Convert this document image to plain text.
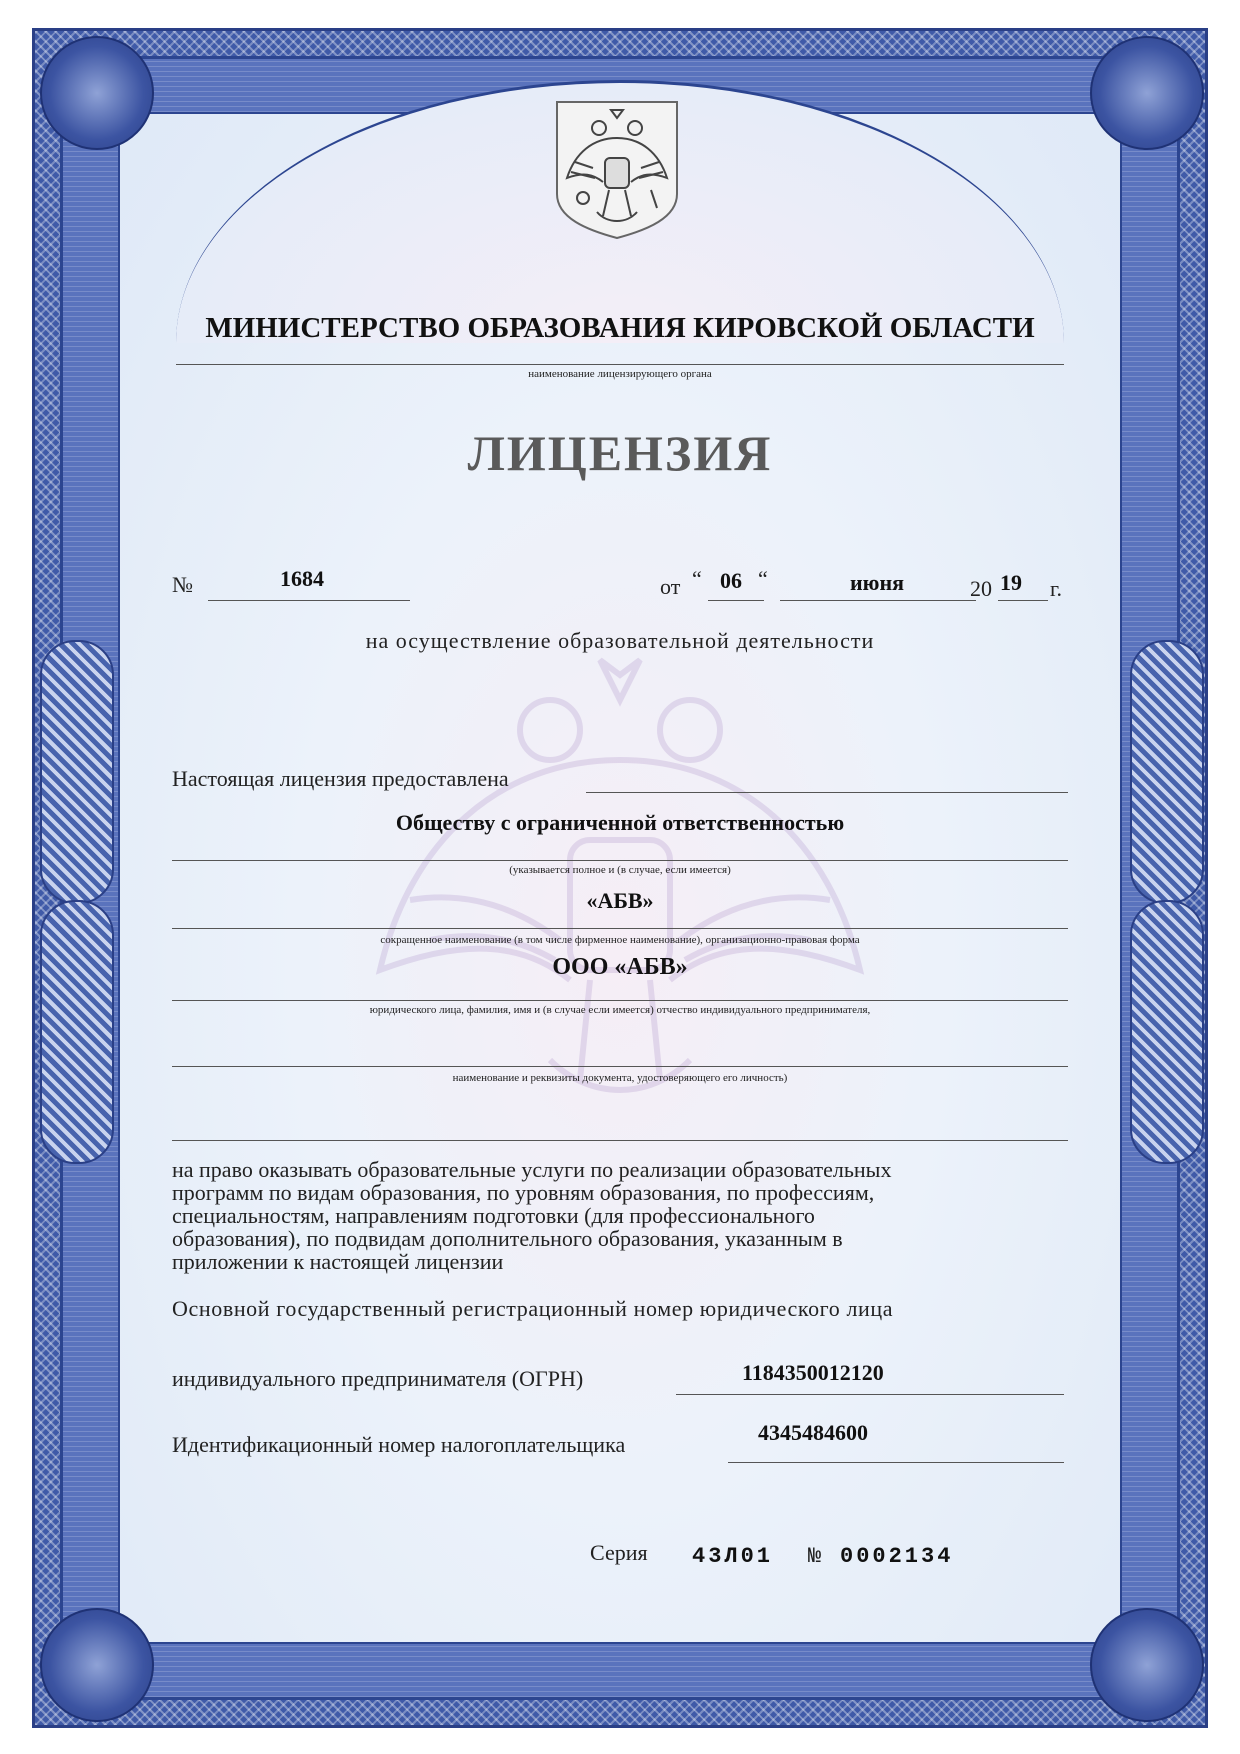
МИНИСТЕРСТВО ОБРАЗОВАНИЯ КИРОВСКОЙ ОБЛАСТИ
наименование лицензирующего органа
ЛИЦЕНЗИЯ
№	1684	от “ 06 “	июня	20 19 г.
на осуществление образовательной деятельности
Настоящая лицензия предоставлена
Обществу с ограниченной ответственностью
(указывается полное и (в случае, если имеется)
«АБВ»
сокращенное наименование (в том числе фирменное наименование), организационно-правовая форма
ООО «АБВ»
юридического лица, фамилия, имя и (в случае если имеется) отчество индивидуального предпринимателя,
наименование и реквизиты документа, удостоверяющего его личность)
на право оказывать образовательные услуги по реализации образовательных
программ по видам образования, по уровням образования, по профессиям,
специальностям, направлениям подготовки (для профессионального
образования), по подвидам дополнительного образования, указанным в
приложении к настоящей лицензии
Основной государственный регистрационный номер юридического лица
индивидуального предпринимателя (ОГРН)	1184350012120
Идентификационный номер налогоплательщика	4345484600
Серия 43Л01 № 0002134
